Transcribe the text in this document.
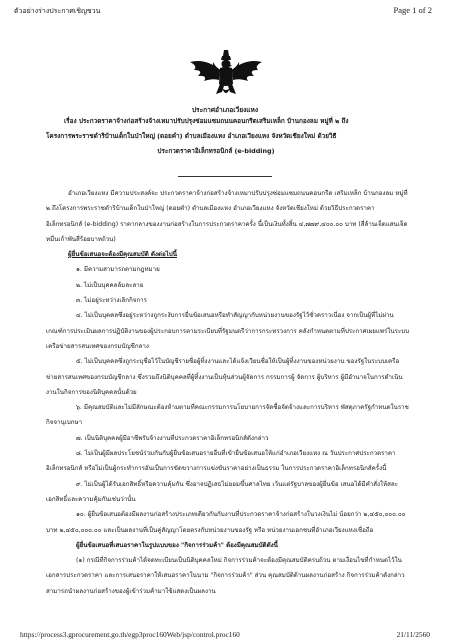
ตัวอย่างร่างประกาศเชิญชวน	Page 1 of 2

ประกาศอำเภอเวียงแหง

เรื่อง ประกวดราคาจ้างก่อสร้างจ้างเหมาปรับปรุงซ่อมแซมถนนคอนกรีตเสริมเหล็ก บ้านกองลม หมู่ที่ ๒ ถึง
โครงการพระราชดำริบ้านเด็กในป่าใหญ่ (ดอยคำ) ตำบลเมืองแหง อำเภอเวียงแหง จังหวัดเชียงใหม่ ด้วยวิธี
ประกวดราคาอิเล็กทรอนิกส์ (e-bidding)

อำเภอเวียงแหง มีความประสงค์จะ ประกวดราคาจ้างก่อสร้างจ้างเหมาปรับปรุงซ่อมแซมถนนคอนกรีต เสริมเหล็ก บ้านกองลม หมู่ที่ ๒ ถึงโครงการพระราชดำริบ้านเด็กในป่าใหญ่ (ดอยคำ) ตำบลเมืองแหง อำเภอเวียงแหง จังหวัดเชียงใหม่ ด้วยวิธีประกวดราคาอิเล็กทรอนิกส์ (e-bidding) ราคากลางของงานก่อสร้างในการประกวดราคาครั้ง นี้เป็นเงินทั้งสิ้น ๔,๗๗๙,๔๐๐.๐๐ บาท (สี่ล้านเจ็ดแสนเจ็ดหมื่นเก้าพันสี่ร้อยบาทถ้วน)

ผู้ยื่นข้อเสนอจะต้องมีคุณสมบัติ ดังต่อไปนี้

๑. มีความสามารถตามกฎหมาย

๒. ไม่เป็นบุคคลล้มละลาย

๓. ไม่อยู่ระหว่างเลิกกิจการ

๔. ไม่เป็นบุคคลซึ่งอยู่ระหว่างถูกระงับการยื่นข้อเสนอหรือทำสัญญากับหน่วยงานของรัฐไว้ชั่วคราวเนื่อง จากเป็นผู้ที่ไม่ผ่านเกณฑ์การประเมินผลการปฏิบัติงานของผู้ประกอบการตามระเบียบที่รัฐมนตรีว่าการกระทรวงการ คลังกำหนดตามที่ประกาศเผยแพร่ในระบบเครือข่ายสารสนเทศของกรมบัญชีกลาง

๕. ไม่เป็นบุคคลซึ่งถูกระบุชื่อไว้ในบัญชีรายชื่อผู้ทิ้งงานและได้แจ้งเวียนชื่อให้เป็นผู้ทิ้งงานของหน่วยงาน ของรัฐในระบบเครือข่ายสารสนเทศของกรมบัญชีกลาง ซึ่งรวมถึงนิติบุคคลที่ผู้ทิ้งงานเป็นหุ้นส่วนผู้จัดการ กรรมการผู้ จัดการ ผู้บริหาร ผู้มีอำนาจในการดำเนินงานในกิจการของนิติบุคคลนั้นด้วย

๖. มีคุณสมบัติและไม่มีลักษณะต้องห้ามตามที่คณะกรรมการนโยบายการจัดซื้อจัดจ้างและการบริหาร พัสดุภาครัฐกำหนดในราชกิจจานุเบกษา

๗. เป็นนิติบุคคลผู้มีอาชีพรับจ้างงานที่ประกวดราคาอิเล็กทรอนิกส์ดังกล่าว

๘. ไม่เป็นผู้มีผลประโยชน์ร่วมกันกับผู้ยื่นข้อเสนอรายอื่นที่เข้ายื่นข้อเสนอให้แก่อำเภอเวียงแหง ณ วันประกาศประกวดราคาอิเล็กทรอนิกส์ หรือไม่เป็นผู้กระทำการอันเป็นการขัดขวางการแข่งขันราคาอย่างเป็นธรรม ในการประกวดราคาอิเล็กทรอนิกส์ครั้งนี้

๙. ไม่เป็นผู้ได้รับเอกสิทธิ์หรือความคุ้มกัน ซึ่งอาจปฏิเสธไม่ยอมขึ้นศาลไทย เว้นแต่รัฐบาลของผู้ยื่นข้อ เสนอได้มีคำสั่งให้สละเอกสิทธิ์และความคุ้มกันเช่นว่านั้น

๑๐. ผู้ยื่นข้อเสนอต้องมีผลงานก่อสร้างประเภทเดียวกันกับงานที่ประกวดราคาจ้างก่อสร้างในวงเงินไม่ น้อยกว่า ๒,๔๕๐,๐๐๐.๐๐ บาท ๒,๔๕๐,๐๐๐.๐๐ และเป็นผลงานที่เป็นคู่สัญญาโดยตรงกับหน่วยงานของรัฐ หรือ หน่วยงานเอกชนที่อำเภอเวียงแหงเชื่อถือ

ผู้ยื่นข้อเสนอที่เสนอราคาในรูปแบบของ "กิจการร่วมค้า" ต้องมีคุณสมบัติดังนี้

(๑) กรณีที่กิจการร่วมค้าได้จดทะเบียนเป็นนิติบุคคลใหม่ กิจการร่วมค้าจะต้องมีคุณสมบัติครบถ้วน ตามเงื่อนไขที่กำหนดไว้ในเอกสารประกวดราคา และการเสนอราคาให้เสนอราคาในนาม "กิจการร่วมค้า" ส่วน คุณสมบัติด้านผลงานก่อสร้าง กิจการร่วมค้าดังกล่าวสามารถนำผลงานก่อสร้างของผู้เข้าร่วมค้ามาใช้แสดงเป็นผลงาน

https://process3.gprocurement.go.th/egp3proc160Web/jsp/control.proc160	21/11/2560
